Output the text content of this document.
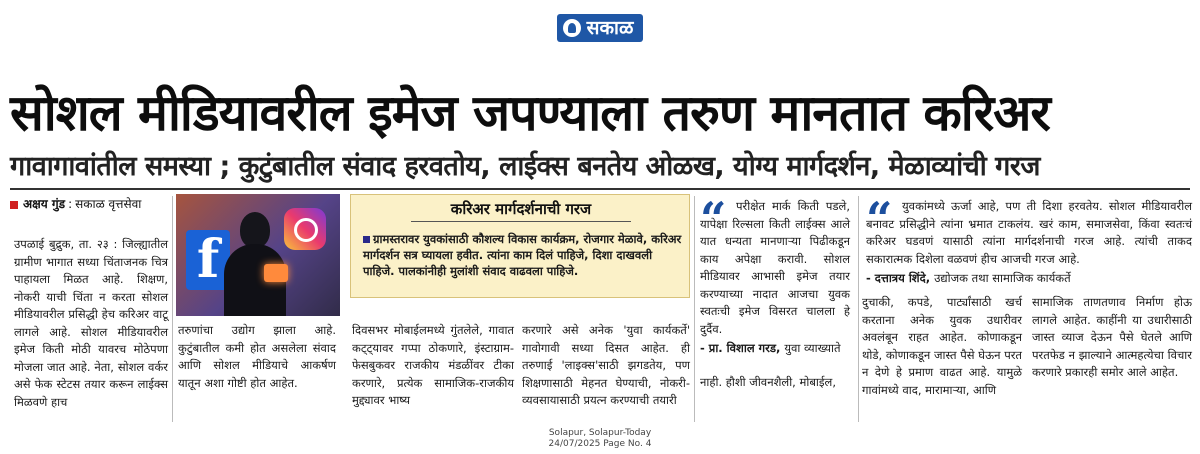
सकाळ
सोशल मीडियावरील इमेज जपण्याला तरुण मानतात करिअर
गावागावांतील समस्या ; कुटुंबातील संवाद हरवतोय, लाईक्स बनतेय ओळख, योग्य मार्गदर्शन, मेळाव्यांची गरज
अक्षय गुंड : सकाळ वृत्तसेवा
f
करिअर मार्गदर्शनाची गरज
ग्रामस्तरावर युवकांसाठी कौशल्य विकास कार्यक्रम, रोजगार मेळावे, करिअर मार्गदर्शन सत्र घ्यायला हवीत. त्यांना काम दिलं पाहिजे, दिशा दाखवली पाहिजे. पालकांनीही मुलांशी संवाद वाढवला पाहिजे.

उपळाई बुद्रुक, ता. २३ : जिल्ह्यातील ग्रामीण भागात सध्या चिंताजनक चित्र पाहायला मिळत आहे. शिक्षण, नोकरी याची चिंता न करता सोशल मीडियावरील प्रसिद्धी हेच करिअर वाटू लागले आहे. सोशल मीडियावरील इमेज किती मोठी यावरच मोठेपणा मोजला जात आहे. नेता, सोशल वर्कर असे फेक स्टेटस तयार करून लाईक्स मिळवणे हाच

तरुणांचा उद्योग झाला आहे. कुटुंबातील कमी होत असलेला संवाद आणि सोशल मीडियाचे आकर्षण यातून अशा गोष्टी होत आहेत.

दिवसभर मोबाईलमध्ये गुंतलेले, गावात कट्ट्यावर गप्पा ठोकणारे, इंस्टाग्राम-फेसबुकवर राजकीय मंडळींवर टीका करणारे, प्रत्येक सामाजिक-राजकीय मुद्द्यावर भाष्य

करणारे असे अनेक 'युवा कार्यकर्ते' गावोगावी सध्या दिसत आहेत. ही तरुणाई 'लाइक्स'साठी झगडतेय, पण शिक्षणासाठी मेहनत घेण्याची, नोकरी-व्यवसायासाठी प्रयत्न करण्याची तयारी

नाही. हौशी जीवनशैली, मोबाईल,

दुचाकी, कपडे, पार्ट्यांसाठी खर्च करताना अनेक युवक उधारीवर अवलंबून राहत आहेत. कोणाकडून थोडे, कोणाकडून जास्त पैसे घेऊन परत न देणे हे प्रमाण वाढत आहे. यामुळे गावांमध्ये वाद, मारामाऱ्या, आणि

सामाजिक ताणतणाव निर्माण होऊ लागले आहेत. काहींनी या उधारीसाठी जास्त व्याज देऊन पैसे घेतले आणि परतफेड न झाल्याने आत्महत्येचा विचार करणारे प्रकारही समोर आले आहेत.

“ परीक्षेत मार्क किती पडले, यापेक्षा रिल्सला किती लाईक्स आले यात धन्यता मानणाऱ्या पिढीकडून काय अपेक्षा करावी. सोशल मीडियावर आभासी इमेज तयार करण्याच्या नादात आजचा युवक स्वतःची इमेज विसरत चालला हे दुर्दैव.
- प्रा. विशाल गरड, युवा व्याख्याते
“ युवकांमध्ये ऊर्जा आहे, पण ती दिशा हरवतेय. सोशल मीडियावरील बनावट प्रसिद्धीने त्यांना भ्रमात टाकलंय. खरं काम, समाजसेवा, किंवा स्वतःचं करिअर घडवणं यासाठी त्यांना मार्गदर्शनाची गरज आहे. त्यांची ताकद सकारात्मक दिशेला वळवणं हीच आजची गरज आहे.
- दत्तात्रय शिंदे, उद्योजक तथा सामाजिक कार्यकर्ते
Solapur, Solapur-Today
24/07/2025 Page No. 4
